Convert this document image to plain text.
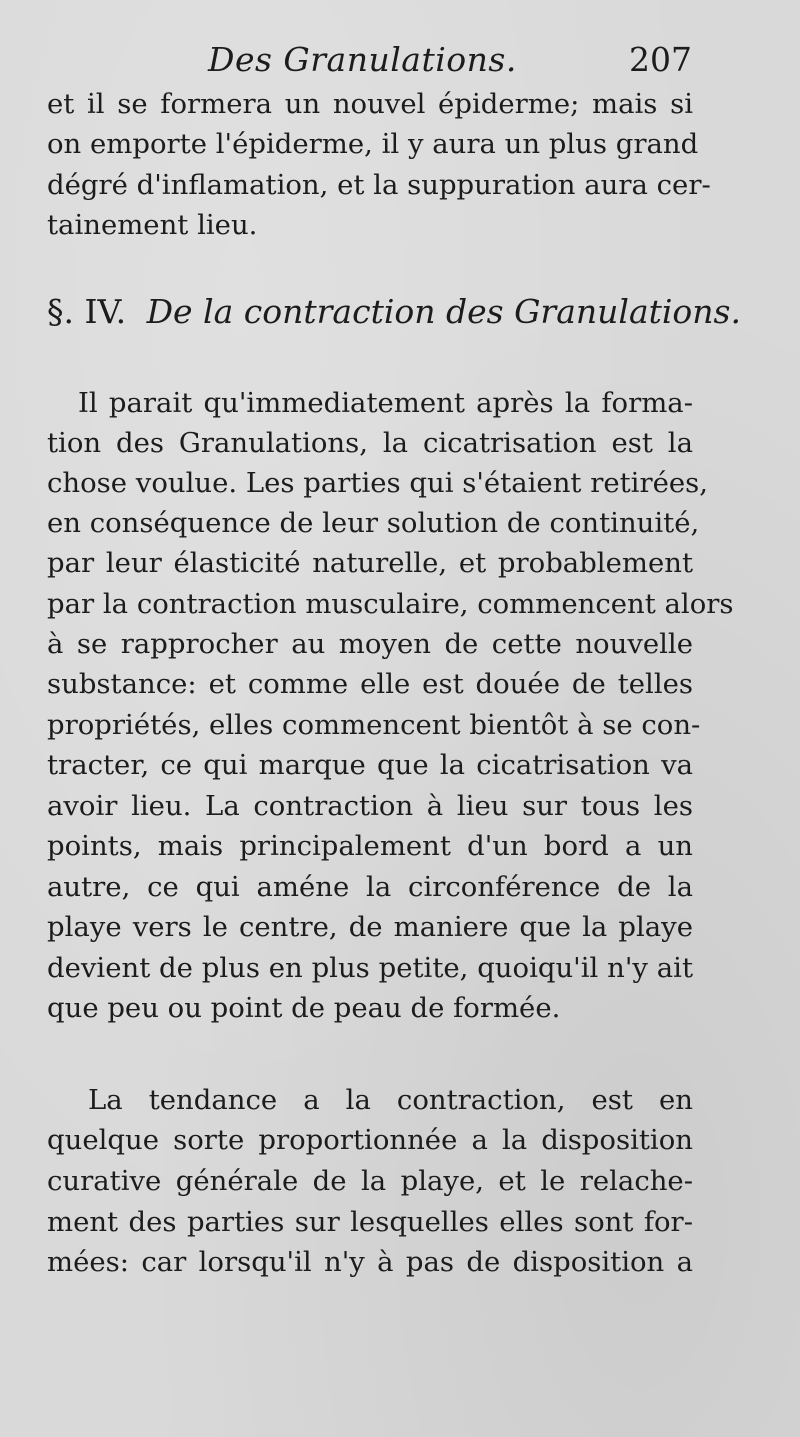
Des Granulations.	207
et il se formera un nouvel épiderme; mais si
on emporte l'épiderme, il y aura un plus grand
dégré d'inflamation, et la suppuration aura cer-
tainement lieu.
§. IV. De la contraction des Granulations.
Il parait qu'immediatement après la forma-
tion des Granulations, la cicatrisation est la
chose voulue. Les parties qui s'étaient retirées,
en conséquence de leur solution de continuité,
par leur élasticité naturelle, et probablement
par la contraction musculaire, commencent alors
à se rapprocher au moyen de cette nouvelle
substance: et comme elle est douée de telles
propriétés, elles commencent bientôt à se con-
tracter, ce qui marque que la cicatrisation va
avoir lieu. La contraction à lieu sur tous les
points, mais principalement d'un bord a un
autre, ce qui améne la circonférence de la
playe vers le centre, de maniere que la playe
devient de plus en plus petite, quoiqu'il n'y ait
que peu ou point de peau de formée.
La tendance a la contraction, est en
quelque sorte proportionnée a la disposition
curative générale de la playe, et le relache-
ment des parties sur lesquelles elles sont for-
mées: car lorsqu'il n'y à pas de disposition a
